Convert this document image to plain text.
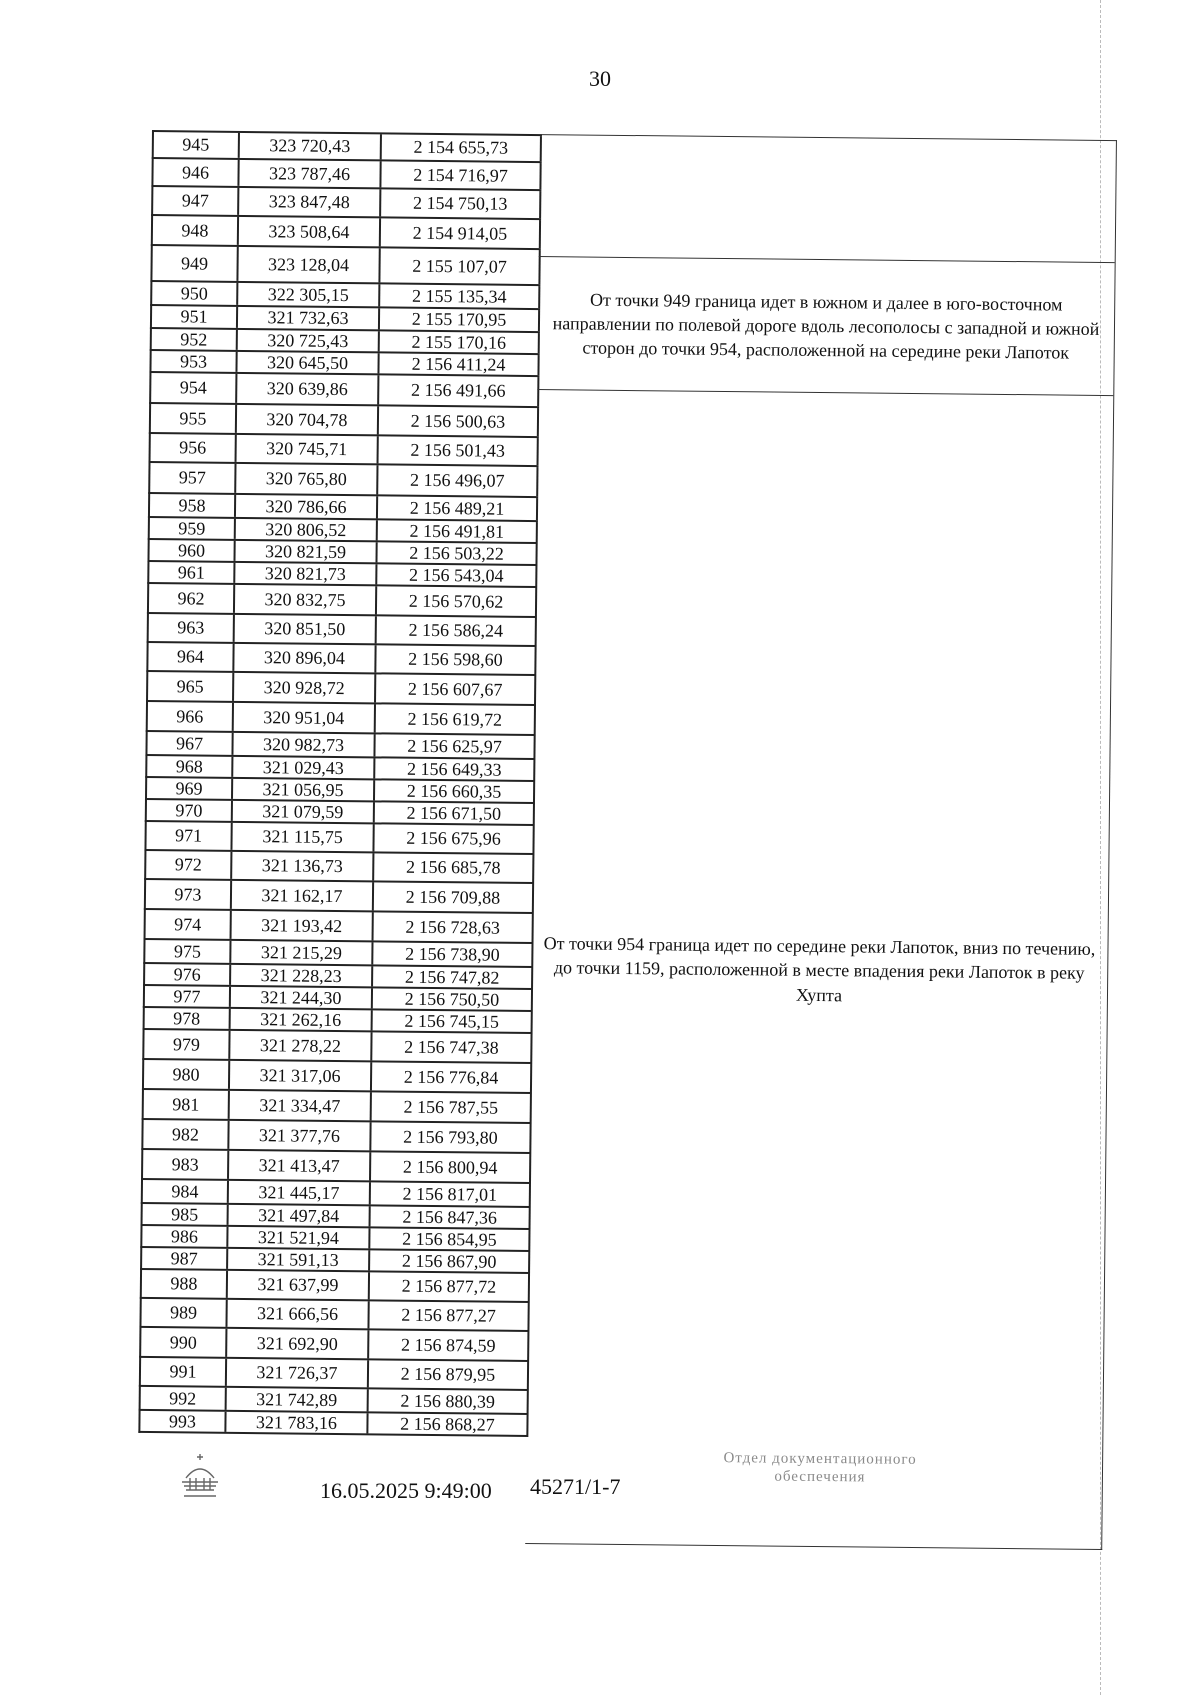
30
945	323 720,43	2 154 655,73
946	323 787,46	2 154 716,97
947	323 847,48	2 154 750,13
948	323 508,64	2 154 914,05
949	323 128,04	2 155 107,07
950	322 305,15	2 155 135,34
951	321 732,63	2 155 170,95
952	320 725,43	2 155 170,16
953	320 645,50	2 156 411,24
954	320 639,86	2 156 491,66
955	320 704,78	2 156 500,63
956	320 745,71	2 156 501,43
957	320 765,80	2 156 496,07
958	320 786,66	2 156 489,21
959	320 806,52	2 156 491,81
960	320 821,59	2 156 503,22
961	320 821,73	2 156 543,04
962	320 832,75	2 156 570,62
963	320 851,50	2 156 586,24
964	320 896,04	2 156 598,60
965	320 928,72	2 156 607,67
966	320 951,04	2 156 619,72
967	320 982,73	2 156 625,97
968	321 029,43	2 156 649,33
969	321 056,95	2 156 660,35
970	321 079,59	2 156 671,50
971	321 115,75	2 156 675,96
972	321 136,73	2 156 685,78
973	321 162,17	2 156 709,88
974	321 193,42	2 156 728,63
975	321 215,29	2 156 738,90
976	321 228,23	2 156 747,82
977	321 244,30	2 156 750,50
978	321 262,16	2 156 745,15
979	321 278,22	2 156 747,38
980	321 317,06	2 156 776,84
981	321 334,47	2 156 787,55
982	321 377,76	2 156 793,80
983	321 413,47	2 156 800,94
984	321 445,17	2 156 817,01
985	321 497,84	2 156 847,36
986	321 521,94	2 156 854,95
987	321 591,13	2 156 867,90
988	321 637,99	2 156 877,72
989	321 666,56	2 156 877,27
990	321 692,90	2 156 874,59
991	321 726,37	2 156 879,95
992	321 742,89	2 156 880,39
993	321 783,16	2 156 868,27
От точки 949 граница идет в южном и далее в юго-восточном направлении по полевой дороге вдоль лесополосы с западной и южной сторон до точки 954, расположенной на середине реки Лапоток
От точки 954 граница идет по середине реки Лапоток, вниз по течению, до точки 1159, расположенной в месте впадения реки Лапоток в реку Хупта
16.05.2025 9:49:00 45271/1-7
Отдел документационного
обеспечения
